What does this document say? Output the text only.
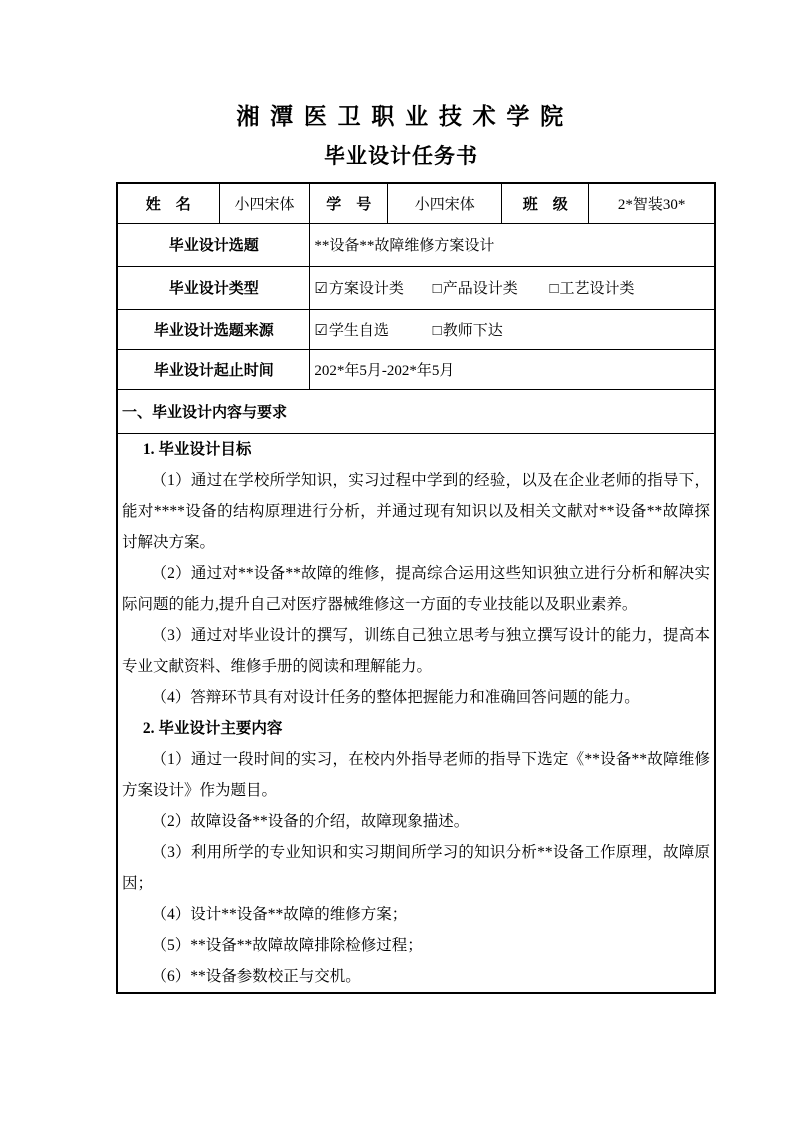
湘 潭 医 卫 职 业 技 术 学 院
毕业设计任务书
姓　名	小四宋体	学　号	小四宋体	班　级	2*智装30*
毕业设计选题		**设备**故障维修方案设计			
毕业设计类型		☑方案设计类 □产品设计类 □工艺设计类			
毕业设计选题来源		☑学生自选 □教师下达			
毕业设计起止时间		202*年5月-202*年5月			
一、毕业设计内容与要求					

1. 毕业设计目标

（1）通过在学校所学知识，实习过程中学到的经验，以及在企业老师的指导下，能对****设备的结构原理进行分析，并通过现有知识以及相关文献对**设备**故障探讨解决方案。

（2）通过对**设备**故障的维修，提高综合运用这些知识独立进行分析和解决实际问题的能力,提升自己对医疗器械维修这一方面的专业技能以及职业素养。

（3）通过对毕业设计的撰写，训练自己独立思考与独立撰写设计的能力，提高本专业文献资料、维修手册的阅读和理解能力。

（4）答辩环节具有对设计任务的整体把握能力和准确回答问题的能力。

2. 毕业设计主要内容

（1）通过一段时间的实习，在校内外指导老师的指导下选定《**设备**故障维修方案设计》作为题目。

（2）故障设备**设备的介绍，故障现象描述。

（3）利用所学的专业知识和实习期间所学习的知识分析**设备工作原理，故障原因；

（4）设计**设备**故障的维修方案；

（5）**设备**故障故障排除检修过程；

（6）**设备参数校正与交机。
